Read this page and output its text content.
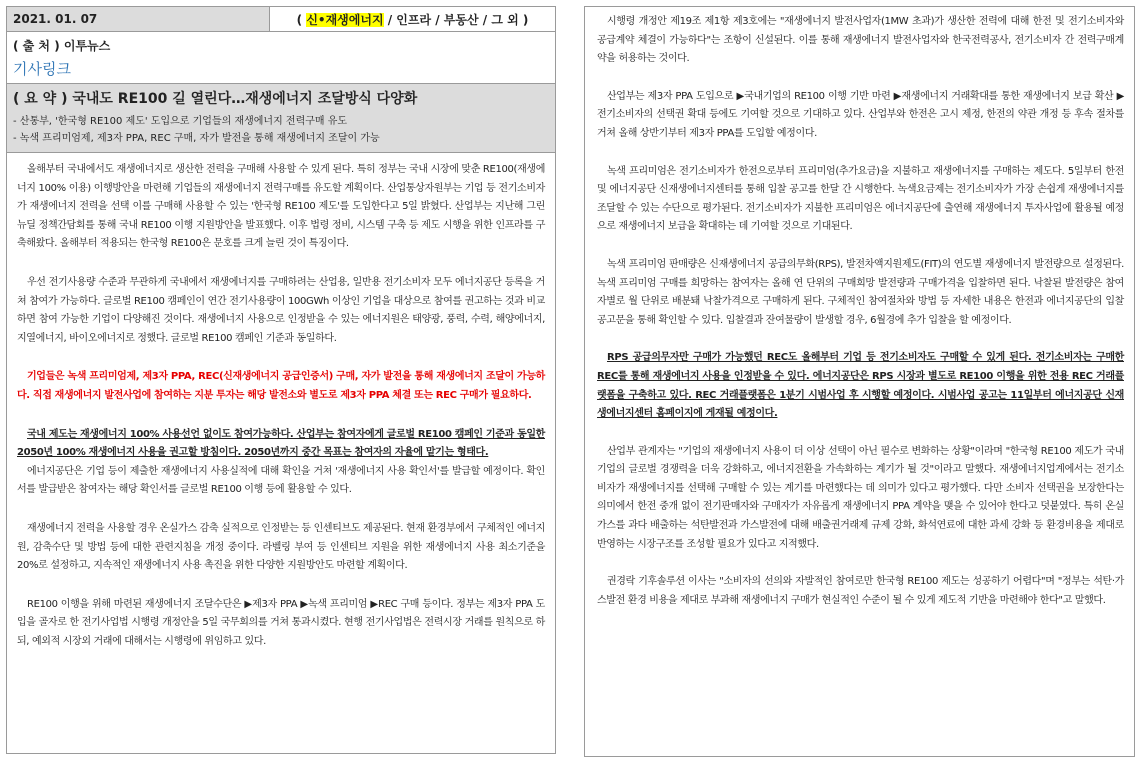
2021. 01. 07	( 신•재생에너지 / 인프라 / 부동산 / 그 외 )
( 출 처 ) 이투뉴스
기사링크
( 요 약 ) 국내도 RE100 길 열린다…재생에너지 조달방식 다양화
- 산통부, '한국형 RE100 제도' 도입으로 기업들의 재생에너지 전력구매 유도
- 녹색 프리미엄제, 제3자 PPA, REC 구매, 자가 발전을 통해 재생에너지 조달이 가능

올해부터 국내에서도 재생에너지로 생산한 전력을 구매해 사용할 수 있게 된다. 특히 정부는 국내 시장에 맞춘 RE100(재생에너지 100% 이용) 이행방안을 마련해 기업들의 재생에너지 전력구매를 유도할 계획이다. 산업통상자원부는 기업 등 전기소비자가 재생에너지 전력을 선택 이를 구매해 사용할 수 있는 '한국형 RE100 제도'를 도입한다고 5일 밝혔다. 산업부는 지난해 그린뉴딜 정책간담회를 통해 국내 RE100 이행 지원방안을 발표했다. 이후 법령 정비, 시스템 구축 등 제도 시행을 위한 인프라를 구축해왔다. 올해부터 적용되는 한국형 RE100은 문호를 크게 늘린 것이 특징이다.

우선 전기사용량 수준과 무관하게 국내에서 재생에너지를 구매하려는 산업용, 일반용 전기소비자 모두 에너지공단 등록을 거쳐 참여가 가능하다. 글로벌 RE100 캠페인이 연간 전기사용량이 100GWh 이상인 기업을 대상으로 참여를 권고하는 것과 비교하면 참여 가능한 기업이 다양해진 것이다. 재생에너지 사용으로 인정받을 수 있는 에너지원은 태양광, 풍력, 수력, 해양에너지, 지열에너지, 바이오에너지로 정했다. 글로벌 RE100 캠페인 기준과 동일하다.

기업들은 녹색 프리미엄제, 제3자 PPA, REC(신재생에너지 공급인증서) 구매, 자가 발전을 통해 재생에너지 조달이 가능하다. 직접 재생에너지 발전사업에 참여하는 지분 투자는 해당 발전소와 별도로 제3자 PPA 체결 또는 REC 구매가 필요하다.

국내 제도는 재생에너지 100% 사용선언 없이도 참여가능하다. 산업부는 참여자에게 글로벌 RE100 캠페인 기준과 동일한 2050년 100% 재생에너지 사용을 권고할 방침이다. 2050년까지 중간 목표는 참여자의 자율에 맡기는 형태다.

에너지공단은 기업 등이 제출한 재생에너지 사용실적에 대해 확인을 거쳐 '재생에너지 사용 확인서'를 발급할 예정이다. 확인서를 발급받은 참여자는 해당 확인서를 글로벌 RE100 이행 등에 활용할 수 있다.

재생에너지 전력을 사용할 경우 온실가스 감축 실적으로 인정받는 등 인센티브도 제공된다. 현재 환경부에서 구체적인 에너지원, 감축수단 및 방법 등에 대한 관련지침을 개정 중이다. 라벨링 부여 등 인센티브 지원을 위한 재생에너지 사용 최소기준을 20%로 설정하고, 지속적인 재생에너지 사용 촉진을 위한 다양한 지원방안도 마련할 계획이다.

RE100 이행을 위해 마련된 재생에너지 조달수단은 ▶제3자 PPA ▶녹색 프리미엄 ▶REC 구매 등이다. 정부는 제3자 PPA 도입을 골자로 한 전기사업법 시행령 개정안을 5일 국무회의를 거쳐 통과시켰다. 현행 전기사업법은 전력시장 거래를 원칙으로 하되, 예외적 시장외 거래에 대해서는 시행령에 위임하고 있다.

시행령 개정안 제19조 제1항 제3호에는 "재생에너지 발전사업자(1MW 초과)가 생산한 전력에 대해 한전 및 전기소비자와 공급계약 체결이 가능하다"는 조항이 신설된다. 이를 통해 재생에너지 발전사업자와 한국전력공사, 전기소비자 간 전력구매계약을 허용하는 것이다.

산업부는 제3자 PPA 도입으로 ▶국내기업의 RE100 이행 기반 마련 ▶재생에너지 거래확대를 통한 재생에너지 보급 확산 ▶전기소비자의 선택권 확대 등에도 기여할 것으로 기대하고 있다. 산업부와 한전은 고시 제정, 한전의 약관 개정 등 후속 절차를 거쳐 올해 상반기부터 제3자 PPA를 도입할 예정이다.

녹색 프리미엄은 전기소비자가 한전으로부터 프리미엄(추가요금)을 지불하고 재생에너지를 구매하는 제도다. 5일부터 한전 및 에너지공단 신재생에너지센터를 통해 입찰 공고를 한달 간 시행한다. 녹색요금제는 전기소비자가 가장 손쉽게 재생에너지를 조달할 수 있는 수단으로 평가된다. 전기소비자가 지불한 프리미엄은 에너지공단에 출연해 재생에너지 투자사업에 활용될 예정으로 재생에너지 보급을 확대하는 데 기여할 것으로 기대된다.

녹색 프리미엄 판매량은 신재생에너지 공급의무화(RPS), 발전차액지원제도(FIT)의 연도별 재생에너지 발전량으로 설정된다. 녹색 프리미엄 구매를 희망하는 참여자는 올해 연 단위의 구매희망 발전량과 구매가격을 입찰하면 된다. 낙찰된 발전량은 참여자별로 월 단위로 배분돼 낙찰가격으로 구매하게 된다. 구체적인 참여절차와 방법 등 자세한 내용은 한전과 에너지공단의 입찰 공고문을 통해 확인할 수 있다. 입찰결과 잔여물량이 발생할 경우, 6월경에 추가 입찰을 할 예정이다.

RPS 공급의무자만 구매가 가능했던 REC도 올해부터 기업 등 전기소비자도 구매할 수 있게 된다. 전기소비자는 구매한 REC를 통해 재생에너지 사용을 인정받을 수 있다. 에너지공단은 RPS 시장과 별도로 RE100 이행을 위한 전용 REC 거래플랫폼을 구축하고 있다. REC 거래플랫폼은 1분기 시범사업 후 시행할 예정이다. 시범사업 공고는 11일부터 에너지공단 신재생에너지센터 홈페이지에 게재될 예정이다.

산업부 관계자는 "기업의 재생에너지 사용이 더 이상 선택이 아닌 필수로 변화하는 상황"이라며 "한국형 RE100 제도가 국내기업의 글로벌 경쟁력을 더욱 강화하고, 에너지전환을 가속화하는 계기가 될 것"이라고 말했다. 재생에너지업계에서는 전기소비자가 재생에너지를 선택해 구매할 수 있는 계기를 마련했다는 데 의미가 있다고 평가했다. 다만 소비자 선택권을 보장한다는 의미에서 한전 중개 없이 전기판매자와 구매자가 자유롭게 재생에너지 PPA 계약을 맺을 수 있어야 한다고 덧붙였다. 특히 온실가스를 과다 배출하는 석탄발전과 가스발전에 대해 배출권거래제 규제 강화, 화석연료에 대한 과세 강화 등 환경비용을 제대로 반영하는 시장구조를 조성할 필요가 있다고 지적했다.

권경락 기후솔루션 이사는 "소비자의 선의와 자발적인 참여로만 한국형 RE100 제도는 성공하기 어렵다"며 "정부는 석탄·가스발전 환경 비용을 제대로 부과해 재생에너지 구매가 현실적인 수준이 될 수 있게 제도적 기반을 마련해야 한다"고 말했다.
